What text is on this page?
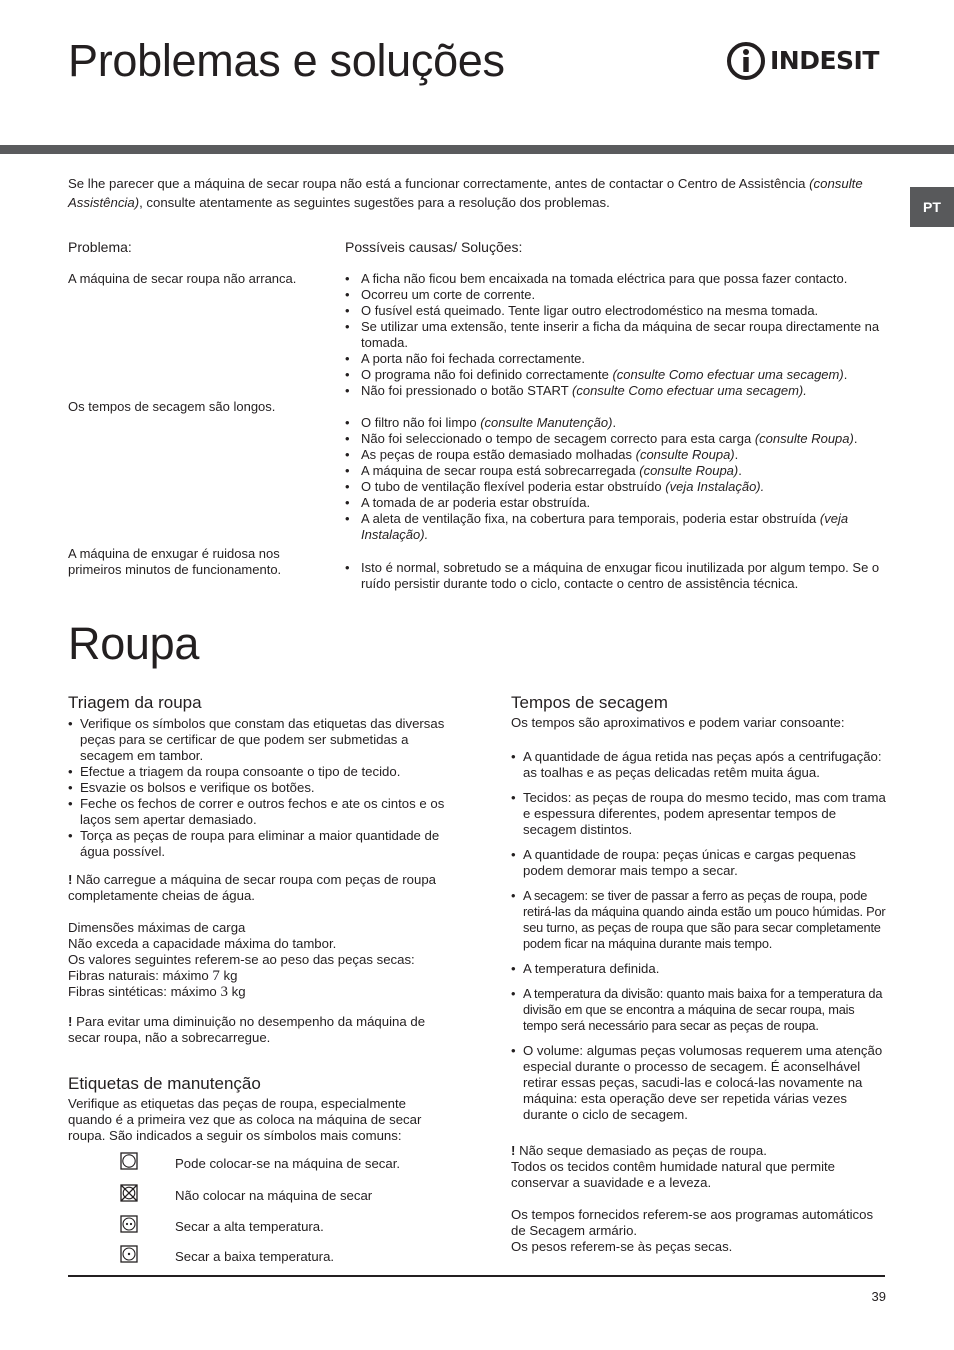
Problemas e soluções	INDESIT
PT
Se lhe parecer que a máquina de secar roupa não está a funcionar correctamente, antes de contactar o Centro de Assistência (consulte Assistência), consulte atentamente as seguintes sugestões para a resolução dos problemas.
Problema:	Possíveis causas/ Soluções:
A máquina de secar roupa não arranca.	• A ficha não ficou bem encaixada na tomada eléctrica para que possa fazer contacto.
• Ocorreu um corte de corrente.
• O fusível está queimado. Tente ligar outro electrodoméstico na mesma tomada.
• Se utilizar uma extensão, tente inserir a ficha da máquina de secar roupa directamente na tomada.
• A porta não foi fechada correctamente.
• O programa não foi definido correctamente (consulte Como efectuar uma secagem).
• Não foi pressionado o botão START (consulte Como efectuar uma secagem).
Os tempos de secagem são longos.
• O filtro não foi limpo (consulte Manutenção).
• Não foi seleccionado o tempo de secagem correcto para esta carga (consulte Roupa).
• As peças de roupa estão demasiado molhadas (consulte Roupa).
• A máquina de secar roupa está sobrecarregada (consulte Roupa).
• O tubo de ventilação flexível poderia estar obstruído (veja Instalação).
• A tomada de ar poderia estar obstruída.
• A aleta de ventilação fixa, na cobertura para temporais, poderia estar obstruída (veja Instalação).
A máquina de enxugar é ruidosa nos primeiros minutos de funcionamento.	• Isto é normal, sobretudo se a máquina de enxugar ficou inutilizada por algum tempo. Se o ruído persistir durante todo o ciclo, contacte o centro de assistência técnica.
Roupa
Triagem da roupa
• Verifique os símbolos que constam das etiquetas das diversas peças para se certificar de que podem ser submetidas a secagem em tambor.
• Efectue a triagem da roupa consoante o tipo de tecido.
• Esvazie os bolsos e verifique os botões.
• Feche os fechos de correr e outros fechos e ate os cintos e os laços sem apertar demasiado.
• Torça as peças de roupa para eliminar a maior quantidade de água possível.
! Não carregue a máquina de secar roupa com peças de roupa completamente cheias de água.
Dimensões máximas de carga
Não exceda a capacidade máxima do tambor.
Os valores seguintes referem-se ao peso das peças secas:
Fibras naturais: máximo 7 kg
Fibras sintéticas: máximo 3 kg
! Para evitar uma diminuição no desempenho da máquina de secar roupa, não a sobrecarregue.
Etiquetas de manutenção
Verifique as etiquetas das peças de roupa, especialmente quando é a primeira vez que as coloca na máquina de secar roupa. São indicados a seguir os símbolos mais comuns:
Pode colocar-se na máquina de secar.
Não colocar na máquina de secar
Secar a alta temperatura.
Secar a baixa temperatura.
Tempos de secagem
Os tempos são aproximativos e podem variar consoante:
• A quantidade de água retida nas peças após a centrifugação: as toalhas e as peças delicadas retêm muita água.
• Tecidos: as peças de roupa do mesmo tecido, mas com trama e espessura diferentes, podem apresentar tempos de secagem distintos.
• A quantidade de roupa: peças únicas e cargas pequenas podem demorar mais tempo a secar.
• A secagem: se tiver de passar a ferro as peças de roupa, pode retirá-las da máquina quando ainda estão um pouco húmidas. Por seu turno, as peças de roupa que são para secar completamente podem ficar na máquina durante mais tempo.
• A temperatura definida.
• A temperatura da divisão: quanto mais baixa for a temperatura da divisão em que se encontra a máquina de secar roupa, mais tempo será necessário para secar as peças de roupa.
• O volume: algumas peças volumosas requerem uma atenção especial durante o processo de secagem. É aconselhável retirar essas peças, sacudi-las e colocá-las novamente na máquina: esta operação deve ser repetida várias vezes durante o ciclo de secagem.
! Não seque demasiado as peças de roupa.
Todos os tecidos contêm humidade natural que permite conservar a suavidade e a leveza.
Os tempos fornecidos referem-se aos programas automáticos de Secagem armário.
Os pesos referem-se às peças secas.
39
